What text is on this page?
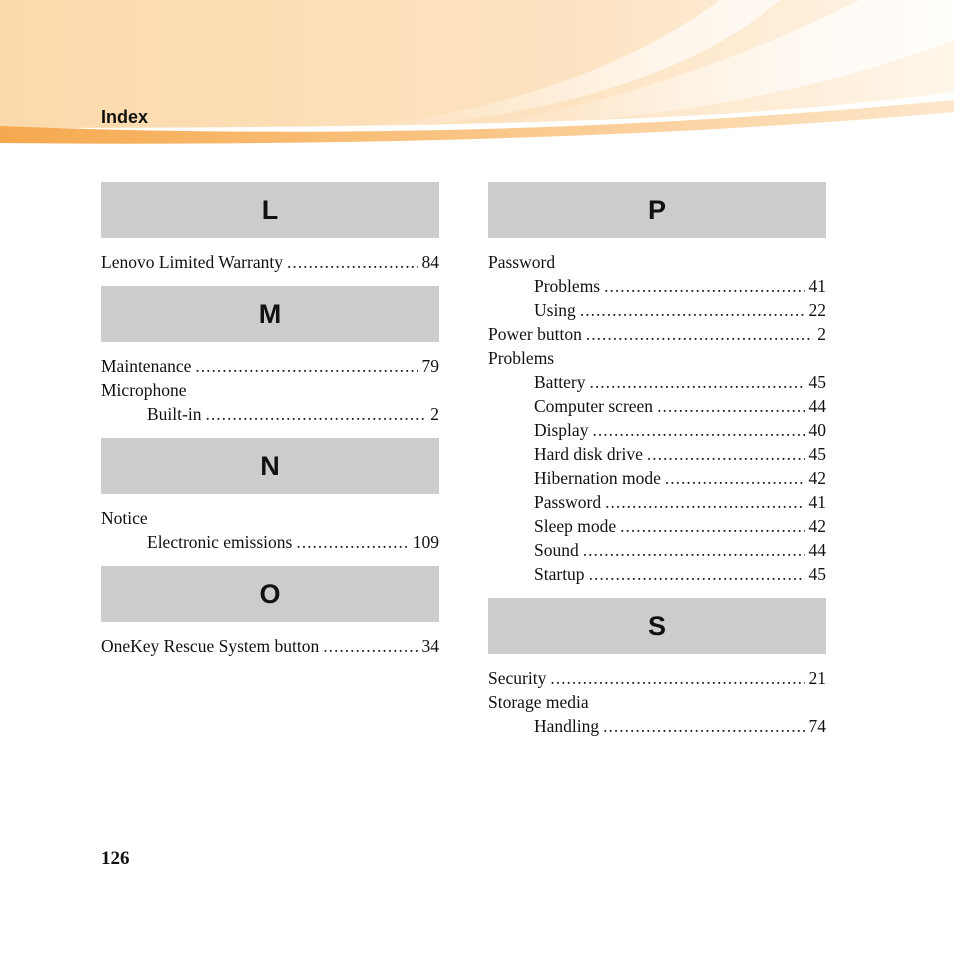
Index
L
Lenovo Limited Warranty .....	84
M
Maintenance .....	79
Microphone
Built-in .....	2
N
Notice
Electronic emissions .....	109
O
OneKey Rescue System button .....	34
P
Password
Problems .....	41
Using .....	22
Power button .....	2
Problems
Battery .....	45
Computer screen .....	44
Display .....	40
Hard disk drive .....	45
Hibernation mode .....	42
Password .....	41
Sleep mode .....	42
Sound .....	44
Startup .....	45
S
Security .....	21
Storage media
Handling .....	74
126
